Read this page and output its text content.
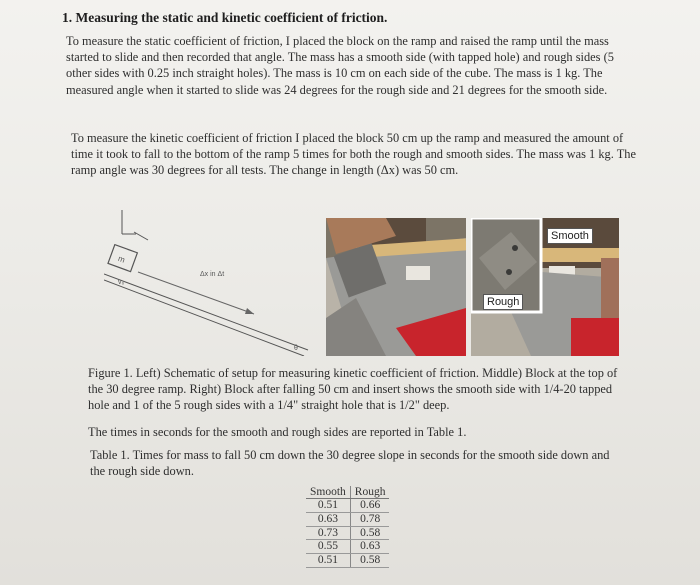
1. Measuring the static and kinetic coefficient of friction.
To measure the static coefficient of friction, I placed the block on the ramp and raised the ramp until the mass started to slide and then recorded that angle. The mass has a smooth side (with tapped hole) and rough sides (5 other sides with 0.25 inch straight holes). The mass is 10 cm on each side of the cube. The mass is 1 kg. The measured angle when it started to slide was 24 degrees for the rough side and 21 degrees for the smooth side.
To measure the kinetic coefficient of friction I placed the block 50 cm up the ramp and measured the amount of time it took to fall to the bottom of the ramp 5 times for both the rough and smooth sides. The mass was 1 kg. The ramp angle was 30 degrees for all tests. The change in length (Δx) was 50 cm.
m
Δx in Δt
v₀
θ
Smooth
Rough
Figure 1. Left) Schematic of setup for measuring kinetic coefficient of friction. Middle) Block at the top of the 30 degree ramp. Right) Block after falling 50 cm and insert shows the smooth side with 1/4-20 tapped hole and 1 of the 5 rough sides with a 1/4" straight hole that is 1/2" deep.
The times in seconds for the smooth and rough sides are reported in Table 1.
Table 1. Times for mass to fall 50 cm down the 30 degree slope in seconds for the smooth side down and the rough side down.
Smooth	Rough
0.51	0.66
0.63	0.78
0.73	0.58
0.55	0.63
0.51	0.58
